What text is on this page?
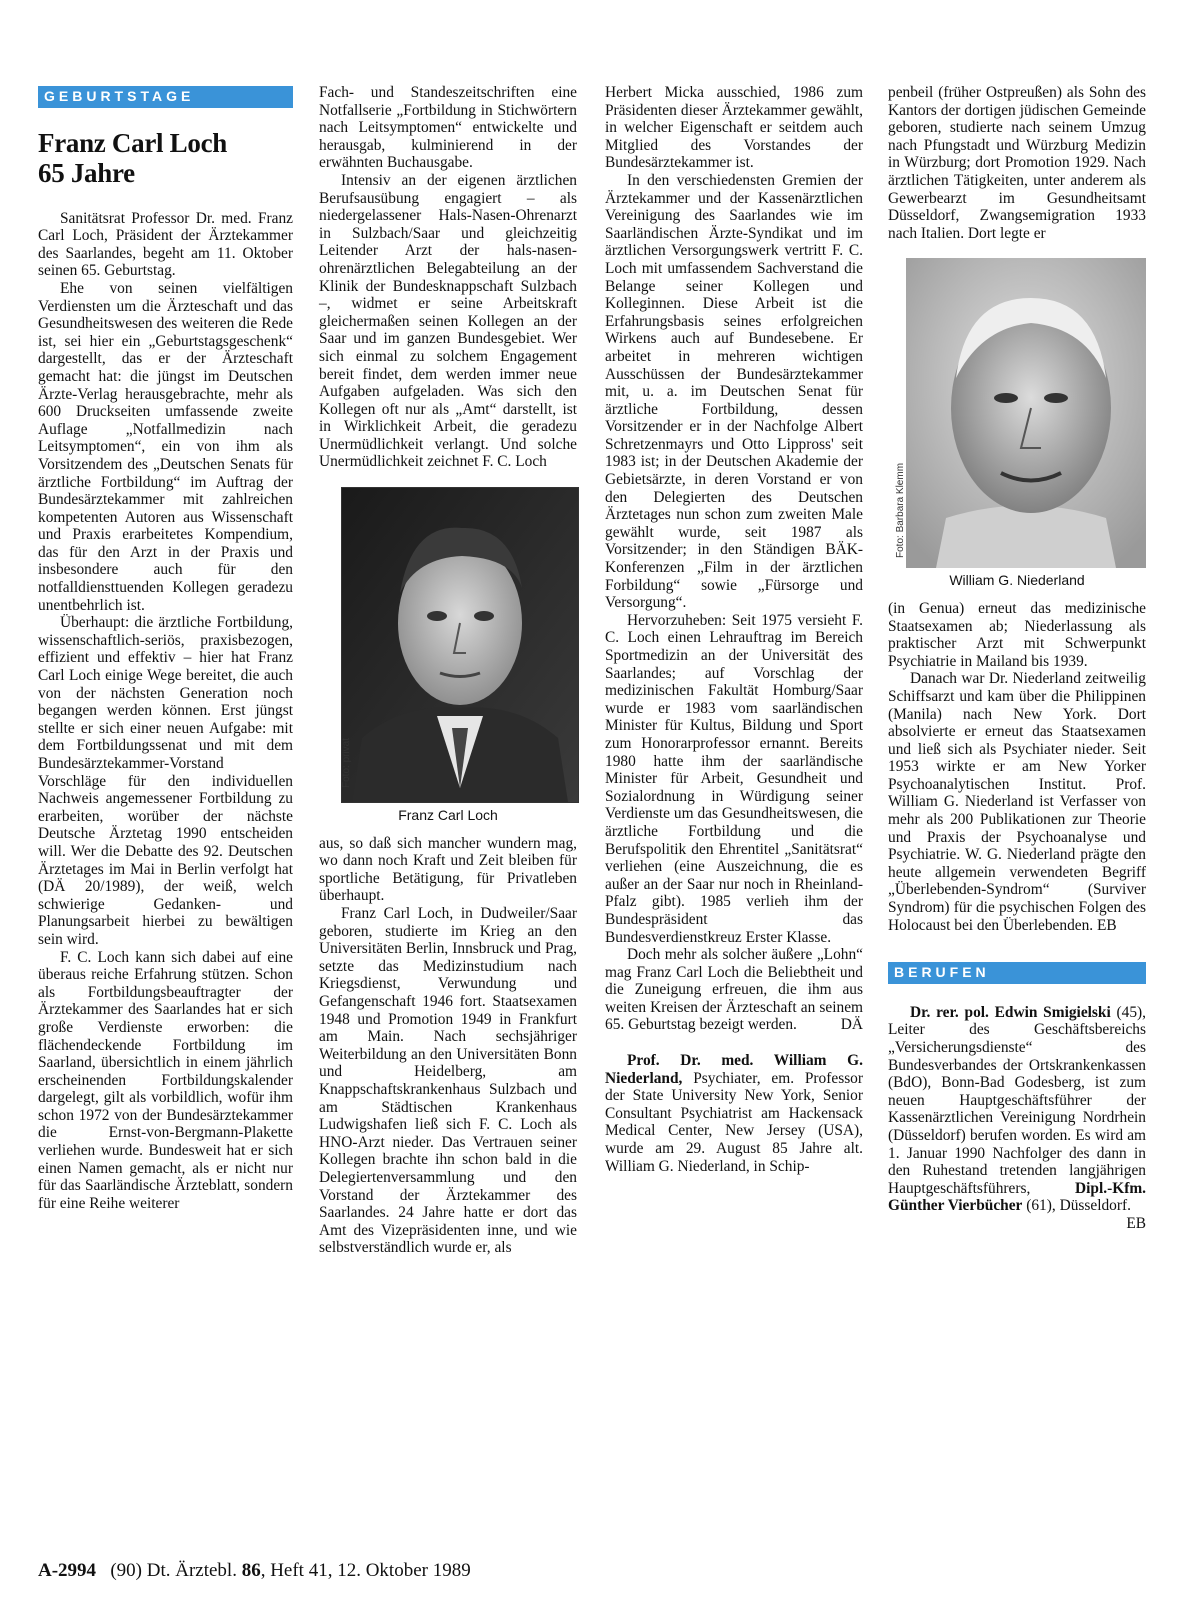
GEBURTSTAGE
Franz Carl Loch
65 Jahre

Sanitätsrat Professor Dr. med. Franz Carl Loch, Präsident der Ärztekammer des Saarlandes, begeht am 11. Oktober seinen 65. Geburtstag.

Ehe von seinen vielfältigen Verdiensten um die Ärzteschaft und das Gesundheitswesen des weiteren die Rede ist, sei hier ein „Geburtstagsgeschenk“ dargestellt, das er der Ärzteschaft gemacht hat: die jüngst im Deutschen Ärzte-Verlag herausgebrachte, mehr als 600 Druckseiten umfassende zweite Auflage „Notfallmedizin nach Leitsymptomen“, ein von ihm als Vorsitzendem des „Deutschen Senats für ärztliche Fortbildung“ im Auftrag der Bundesärztekammer mit zahlreichen kompetenten Autoren aus Wissenschaft und Praxis erarbeitetes Kompendium, das für den Arzt in der Praxis und insbesondere auch für den notfalldiensttuenden Kollegen geradezu unentbehrlich ist.

Überhaupt: die ärztliche Fortbildung, wissenschaftlich-seriös, praxisbezogen, effizient und effektiv – hier hat Franz Carl Loch einige Wege bereitet, die auch von der nächsten Generation noch begangen werden können. Erst jüngst stellte er sich einer neuen Aufgabe: mit dem Fortbildungssenat und mit dem Bundesärztekammer-Vorstand Vorschläge für den individuellen Nachweis angemessener Fortbildung zu erarbeiten, worüber der nächste Deutsche Ärztetag 1990 entscheiden will. Wer die Debatte des 92. Deutschen Ärztetages im Mai in Berlin verfolgt hat (DÄ 20/1989), der weiß, welch schwierige Gedanken- und Planungsarbeit hierbei zu bewältigen sein wird.

F. C. Loch kann sich dabei auf eine überaus reiche Erfahrung stützen. Schon als Fortbildungsbeauftragter der Ärztekammer des Saarlandes hat er sich große Verdienste erworben: die flächendeckende Fortbildung im Saarland, übersichtlich in einem jährlich erscheinenden Fortbildungskalender dargelegt, gilt als vorbildlich, wofür ihm schon 1972 von der Bundesärztekammer die Ernst-von-Bergmann-Plakette verliehen wurde. Bundesweit hat er sich einen Namen gemacht, als er nicht nur für das Saarländische Ärzteblatt, sondern für eine Reihe weiterer

Fach- und Standeszeitschriften eine Notfallserie „Fortbildung in Stichwörtern nach Leitsymptomen“ entwickelte und herausgab, kulminierend in der erwähnten Buchausgabe.

Intensiv an der eigenen ärztlichen Berufsausübung engagiert – als niedergelassener Hals-Nasen-Ohrenarzt in Sulzbach/Saar und gleichzeitig Leitender Arzt der hals-nasen-ohrenärztlichen Belegabteilung an der Klinik der Bundesknappschaft Sulzbach –, widmet er seine Arbeitskraft gleichermaßen seinen Kollegen an der Saar und im ganzen Bundesgebiet. Wer sich einmal zu solchem Engagement bereit findet, dem werden immer neue Aufgaben aufgeladen. Was sich den Kollegen oft nur als „Amt“ darstellt, ist in Wirklichkeit Arbeit, die geradezu Unermüdlichkeit verlangt. Und solche Unermüdlichkeit zeichnet F. C. Loch

Foto: privat
Franz Carl Loch

aus, so daß sich mancher wundern mag, wo dann noch Kraft und Zeit bleiben für sportliche Betätigung, für Privatleben überhaupt.

Franz Carl Loch, in Dudweiler/Saar geboren, studierte im Krieg an den Universitäten Berlin, Innsbruck und Prag, setzte das Medizinstudium nach Kriegsdienst, Verwundung und Gefangenschaft 1946 fort. Staatsexamen 1948 und Promotion 1949 in Frankfurt am Main. Nach sechsjähriger Weiterbildung an den Universitäten Bonn und Heidelberg, am Knappschaftskrankenhaus Sulzbach und am Städtischen Krankenhaus Ludwigshafen ließ sich F. C. Loch als HNO-Arzt nieder. Das Vertrauen seiner Kollegen brachte ihn schon bald in die Delegiertenversammlung und den Vorstand der Ärztekammer des Saarlandes. 24 Jahre hatte er dort das Amt des Vizepräsidenten inne, und wie selbstverständlich wurde er, als

Herbert Micka ausschied, 1986 zum Präsidenten dieser Ärztekammer gewählt, in welcher Eigenschaft er seitdem auch Mitglied des Vorstandes der Bundesärztekammer ist.

In den verschiedensten Gremien der Ärztekammer und der Kassenärztlichen Vereinigung des Saarlandes wie im Saarländischen Ärzte-Syndikat und im ärztlichen Versorgungswerk vertritt F. C. Loch mit umfassendem Sachverstand die Belange seiner Kollegen und Kolleginnen. Diese Arbeit ist die Erfahrungsbasis seines erfolgreichen Wirkens auch auf Bundesebene. Er arbeitet in mehreren wichtigen Ausschüssen der Bundesärztekammer mit, u. a. im Deutschen Senat für ärztliche Fortbildung, dessen Vorsitzender er in der Nachfolge Albert Schretzenmayrs und Otto Lippross' seit 1983 ist; in der Deutschen Akademie der Gebietsärzte, in deren Vorstand er von den Delegierten des Deutschen Ärztetages nun schon zum zweiten Male gewählt wurde, seit 1987 als Vorsitzender; in den Ständigen BÄK-Konferenzen „Film in der ärztlichen Forbildung“ sowie „Fürsorge und Versorgung“.

Hervorzuheben: Seit 1975 versieht F. C. Loch einen Lehrauftrag im Bereich Sportmedizin an der Universität des Saarlandes; auf Vorschlag der medizinischen Fakultät Homburg/Saar wurde er 1983 vom saarländischen Minister für Kultus, Bildung und Sport zum Honorarprofessor ernannt. Bereits 1980 hatte ihm der saarländische Minister für Arbeit, Gesundheit und Sozialordnung in Würdigung seiner Verdienste um das Gesundheitswesen, die ärztliche Fortbildung und die Berufspolitik den Ehrentitel „Sanitätsrat“ verliehen (eine Auszeichnung, die es außer an der Saar nur noch in Rheinland-Pfalz gibt). 1985 verlieh ihm der Bundespräsident das Bundesverdienstkreuz Erster Klasse.

Doch mehr als solcher äußere „Lohn“ mag Franz Carl Loch die Beliebtheit und die Zuneigung erfreuen, die ihm aus weiten Kreisen der Ärzteschaft an seinem 65. Geburtstag bezeigt werden.	DÄ

Prof. Dr. med. William G. Niederland, Psychiater, em. Professor der State University New York, Senior Consultant Psychiatrist am Hackensack Medical Center, New Jersey (USA), wurde am 29. August 85 Jahre alt. William G. Niederland, in Schip-

penbeil (früher Ostpreußen) als Sohn des Kantors der dortigen jüdischen Gemeinde geboren, studierte nach seinem Umzug nach Pfungstadt und Würzburg Medizin in Würzburg; dort Promotion 1929. Nach ärztlichen Tätigkeiten, unter anderem als Gewerbearzt im Gesundheitsamt Düsseldorf, Zwangsemigration 1933 nach Italien. Dort legte er

Foto: Barbara Klemm
William G. Niederland

(in Genua) erneut das medizinische Staatsexamen ab; Niederlassung als praktischer Arzt mit Schwerpunkt Psychiatrie in Mailand bis 1939.

Danach war Dr. Niederland zeitweilig Schiffsarzt und kam über die Philippinen (Manila) nach New York. Dort absolvierte er erneut das Staatsexamen und ließ sich als Psychiater nieder. Seit 1953 wirkte er am New Yorker Psychoanalytischen Institut. Prof. William G. Niederland ist Verfasser von mehr als 200 Publikationen zur Theorie und Praxis der Psychoanalyse und Psychiatrie. W. G. Niederland prägte den heute allgemein verwendeten Begriff „Überlebenden-Syndrom“ (Surviver Syndrom) für die psychischen Folgen des Holocaust bei den Überlebenden. EB

BERUFEN

Dr. rer. pol. Edwin Smigielski (45), Leiter des Geschäftsbereichs „Versicherungsdienste“ des Bundesverbandes der Ortskrankenkassen (BdO), Bonn-Bad Godesberg, ist zum neuen Hauptgeschäftsführer der Kassenärztlichen Vereinigung Nordrhein (Düsseldorf) berufen worden. Es wird am 1. Januar 1990 Nachfolger des dann in den Ruhestand tretenden langjährigen Hauptgeschäftsführers, Dipl.-Kfm. Günther Vierbücher (61), Düsseldorf.
EB

A-2994 (90) Dt. Ärztebl. 86, Heft 41, 12. Oktober 1989
